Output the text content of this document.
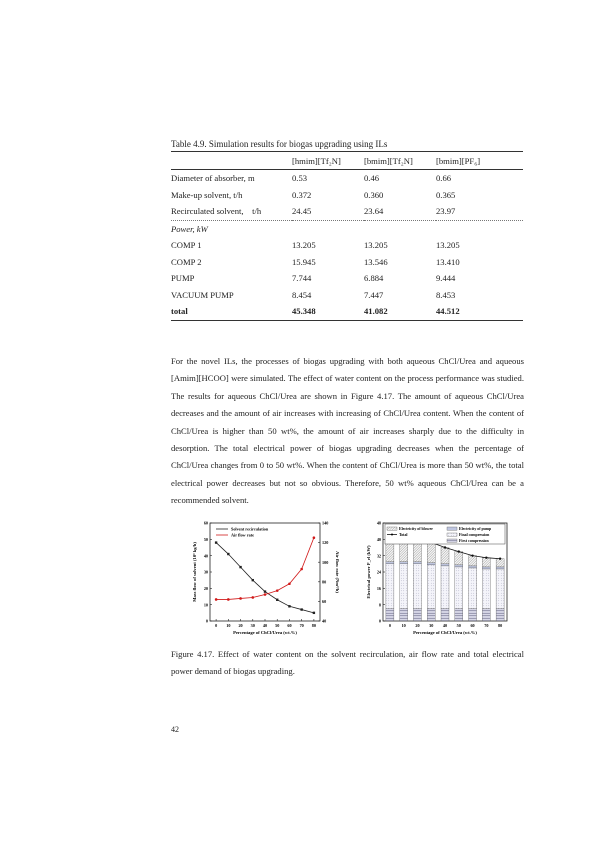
Table 4.9. Simulation results for biogas upgrading using ILs
	[hmim][Tf₂N]	[bmim][Tf₂N]	[bmim][PF₆]
Diameter of absorber, m	0.53	0.46	0.66
Make-up solvent, t/h	0.372	0.360	0.365
Recirculated solvent,    t/h	24.45	23.64	23.97
Power, kW			
COMP 1	13.205	13.205	13.205
COMP 2	15.945	13.546	13.410
PUMP	7.744	6.884	9.444
VACUUM PUMP	8.454	7.447	8.453
total	45.348	41.082	44.512
For the novel ILs, the processes of biogas upgrading with both aqueous ChCl/Urea and aqueous [Amim][HCOO] were simulated. The effect of water content on the process performance was studied. The results for aqueous ChCl/Urea are shown in Figure 4.17. The amount of aqueous ChCl/Urea decreases and the amount of air increases with increasing of ChCl/Urea content. When the content of ChCl/Urea is higher than 50 wt%, the amount of air increases sharply due to the difficulty in desorption. The total electrical power of biogas upgrading decreases when the percentage of ChCl/Urea changes from 0 to 50 wt%. When the content of ChCl/Urea is more than 50 wt%, the total electrical power decreases but not so obvious. Therefore, 50 wt% aqueous ChCl/Urea can be a recommended solvent.
0
10
20
30
40
50
60
40
60
80
100
120
140
0 10 20 30 40 50 60 70 80
Percentage of ChCl/Urea (wt.%)
Mass flow of solvent (10³ kg/h)	Air flow rate (Nm³/h)
Solvent recirculation
Air flow rate
0
8
16
24
32
40
48
0	10 20 30 40 50 60 70 80
Percentage of ChCl/Urea (wt.%)
Electrical power P_el (kW)
Electricity of blower
Total
Electricity of pump
Final compression
First compression
Figure 4.17. Effect of water content on the solvent recirculation, air flow rate and total electrical power demand of biogas upgrading.
42
